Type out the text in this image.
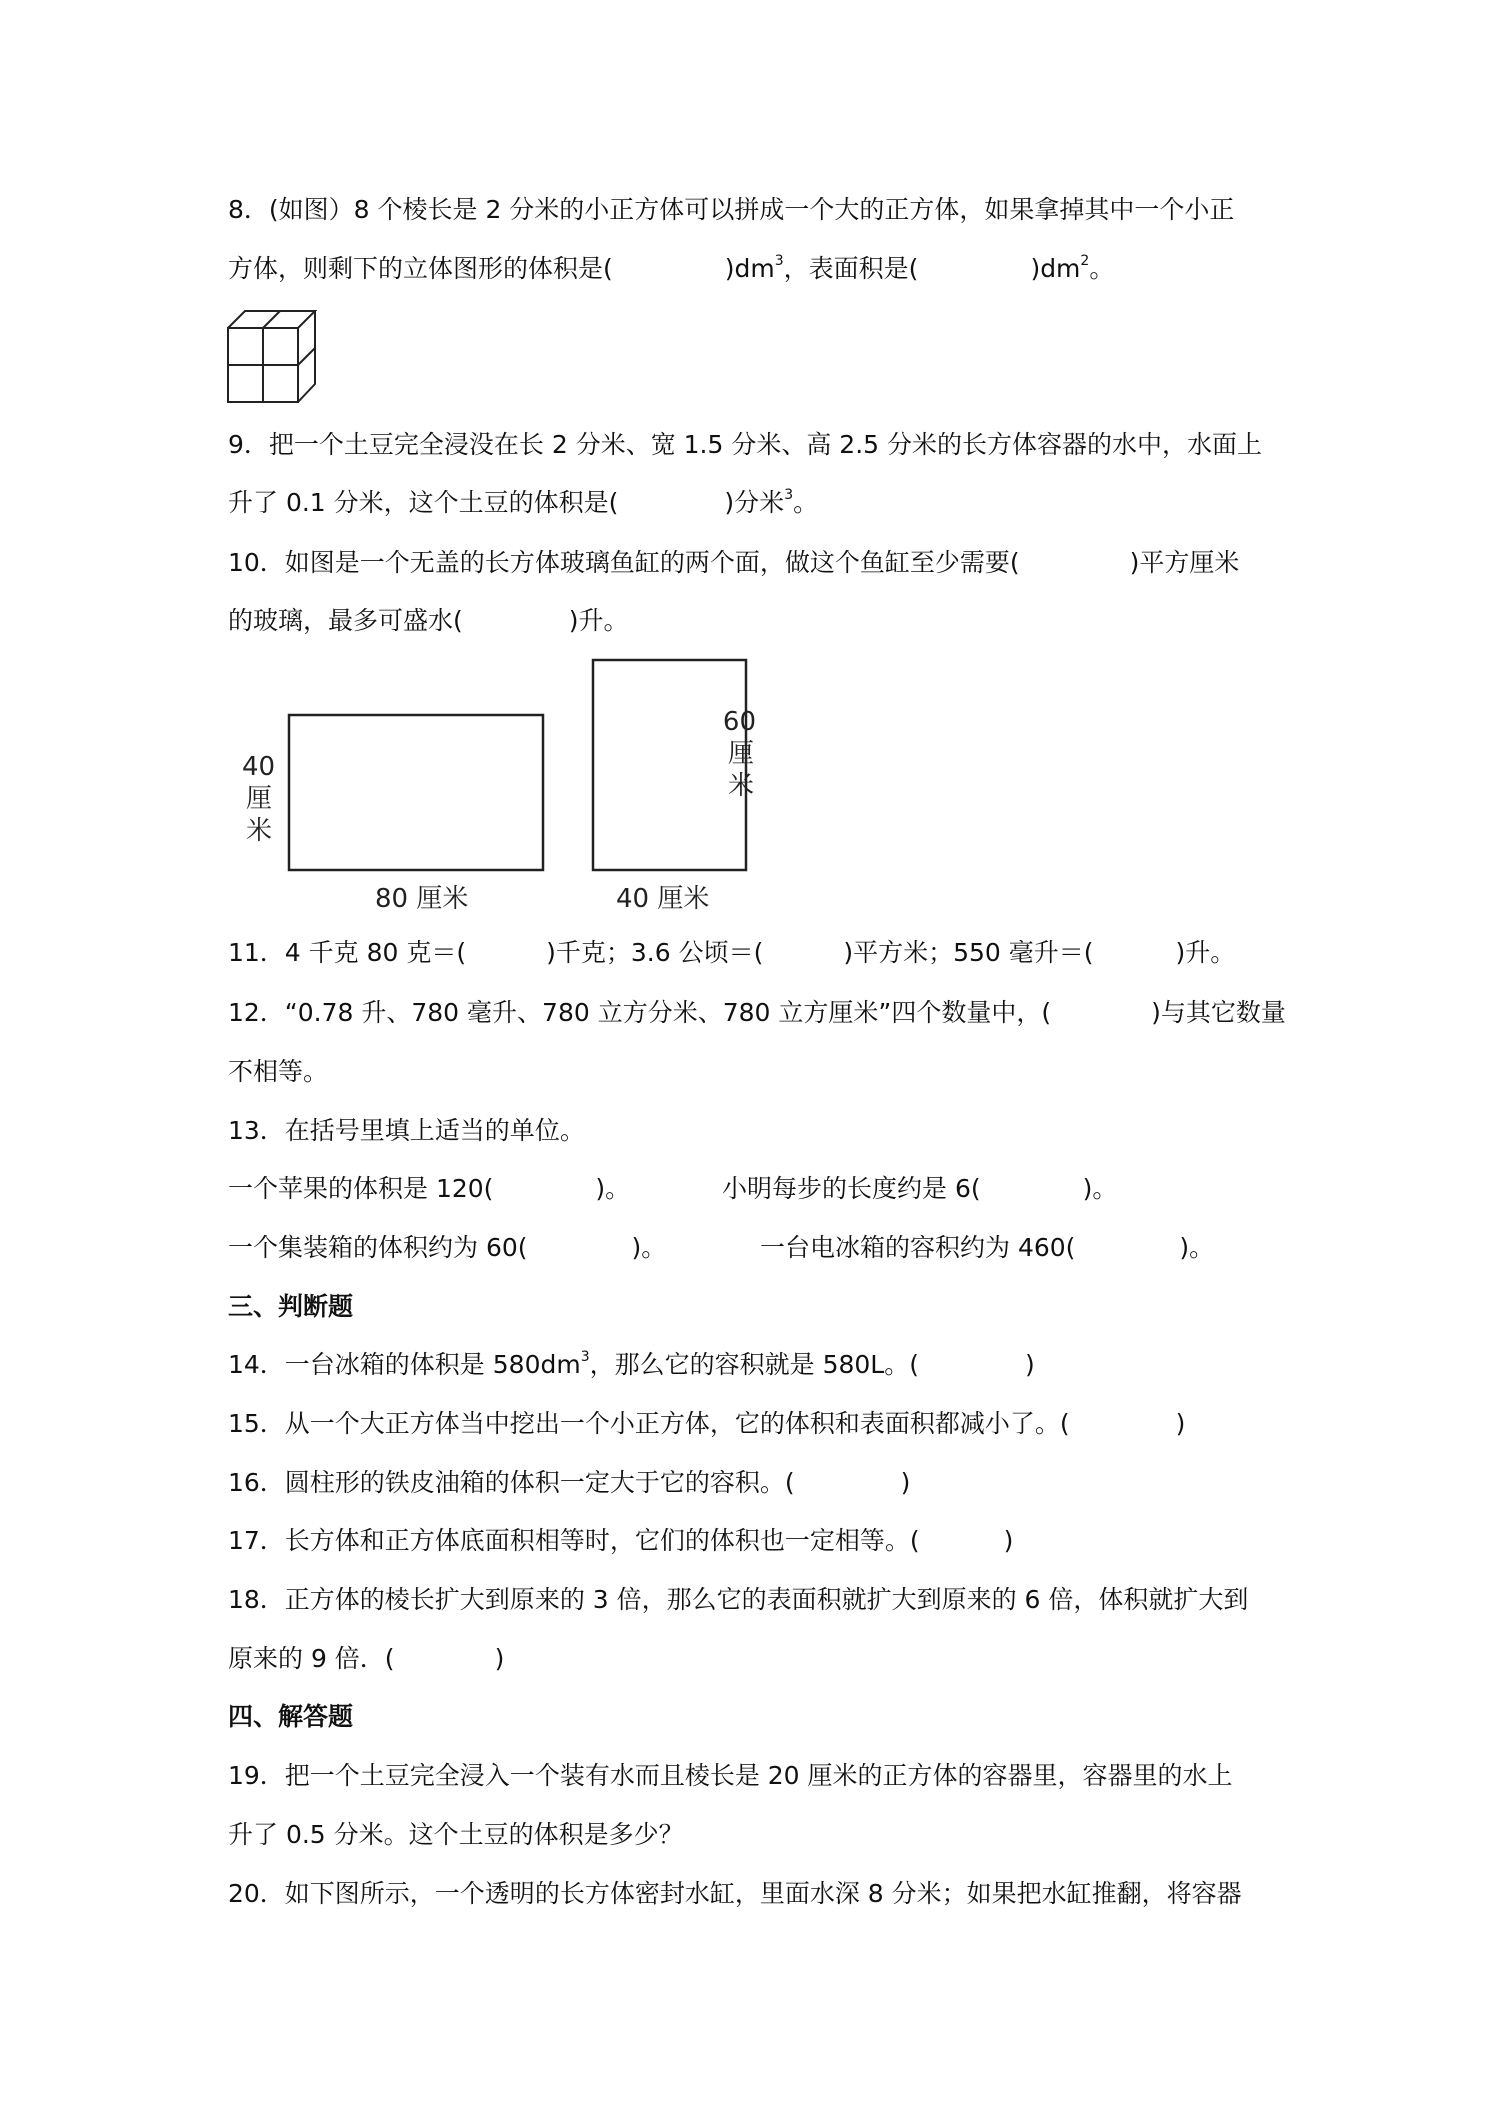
8．(如图）8 个棱长是 2 分米的小正方体可以拼成一个大的正方体，如果拿掉其中一个小正
方体，则剩下的立体图形的体积是(	)$dm^3$，表面积是(	)$dm^2$。
9．把一个土豆完全浸没在长 2 分米、宽 1.5 分米、高 2.5 分米的长方体容器的水中，水面上
升了 0.1 分米，这个土豆的体积是(	)分米$^3$。
10．如图是一个无盖的长方体玻璃鱼缸的两个面，做这个鱼缸至少需要(	)平方厘米
的玻璃，最多可盛水(	)升。
40
厘
米
80 厘米
60
厘
米
40 厘米
11．4 千克 80 克＝(	)千克；3.6 公顷＝(	)平方米；550 毫升＝(	)升。
12．“0.78 升、780 毫升、780 立方分米、780 立方厘米”四个数量中，(	)与其它数量
不相等。
13．在括号里填上适当的单位。
一个苹果的体积是 120(	)。	小明每步的长度约是 6(	)。
一个集装箱的体积约为 60(	)。	一台电冰箱的容积约为 460(	)。
三、判断题
14．一台冰箱的体积是 $580dm^3$，那么它的容积就是 580L。(	)
15．从一个大正方体当中挖出一个小正方体，它的体积和表面积都减小了。(	)
16．圆柱形的铁皮油箱的体积一定大于它的容积。(	)
17．长方体和正方体底面积相等时，它们的体积也一定相等。(	)
18．正方体的棱长扩大到原来的 3 倍，那么它的表面积就扩大到原来的 6 倍，体积就扩大到
原来的 9 倍．(	)
四、解答题
19．把一个土豆完全浸入一个装有水而且棱长是 20 厘米的正方体的容器里，容器里的水上
升了 0.5 分米。这个土豆的体积是多少？
20．如下图所示，一个透明的长方体密封水缸，里面水深 8 分米；如果把水缸推翻，将容器
